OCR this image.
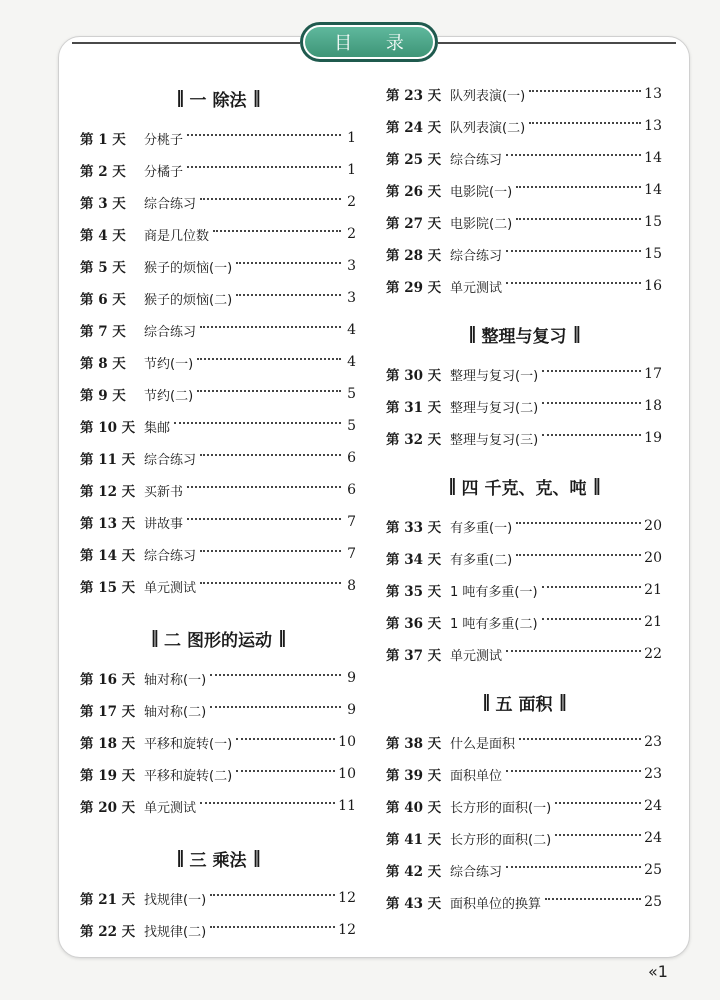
目 录
‖ 一 除法 ‖
第 1 天	分桃子	1
第 2 天	分橘子	1
第 3 天	综合练习	2
第 4 天	商是几位数	2
第 5 天	猴子的烦恼(一)	3
第 6 天	猴子的烦恼(二)	3
第 7 天	综合练习	4
第 8 天	节约(一)	4
第 9 天	节约(二)	5
第 10 天 集邮	5
第 11 天 综合练习	6
第 12 天 买新书	6
第 13 天 讲故事	7
第 14 天 综合练习	7
第 15 天 单元测试	8
‖ 二 图形的运动 ‖
第 16 天 轴对称(一)	9
第 17 天 轴对称(二)	9
第 18 天 平移和旋转(一)	10
第 19 天 平移和旋转(二)	10
第 20 天 单元测试	11
‖ 三 乘法 ‖
第 21 天 找规律(一)	12
第 22 天 找规律(二)	12
第 23 天 队列表演(一)	13
第 24 天 队列表演(二)	13
第 25 天 综合练习	14
第 26 天 电影院(一)	14
第 27 天 电影院(二)	15
第 28 天 综合练习	15
第 29 天 单元测试	16
‖ 整理与复习 ‖
第 30 天 整理与复习(一)	17
第 31 天 整理与复习(二)	18
第 32 天 整理与复习(三)	19
‖ 四 千克、克、吨 ‖
第 33 天 有多重(一)	20
第 34 天 有多重(二)	20
第 35 天 1 吨有多重(一)	21
第 36 天 1 吨有多重(二)	21
第 37 天 单元测试	22
‖ 五 面积 ‖
第 38 天 什么是面积	23
第 39 天 面积单位	23
第 40 天 长方形的面积(一)	24
第 41 天 长方形的面积(二)	24
第 42 天 综合练习	25
第 43 天 面积单位的换算	25
«1
